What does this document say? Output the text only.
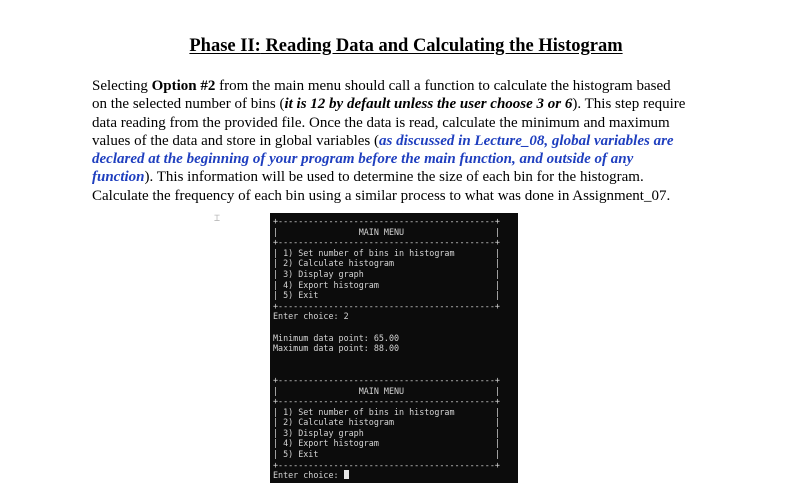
Phase II: Reading Data and Calculating the Histogram
Selecting Option #2 from the main menu should call a function to calculate the histogram based
on the selected number of bins (it is 12 by default unless the user choose 3 or 6). This step require
data reading from the provided file. Once the data is read, calculate the minimum and maximum
values of the data and store in global variables (as discussed in Lecture_08, global variables are
declared at the beginning of your program before the main function, and outside of any
function). This information will be used to determine the size of each bin for the histogram.
Calculate the frequency of each bin using a similar process to what was done in Assignment_07.
+-------------------------------------------+
|                MAIN MENU                  |
+-------------------------------------------+
| 1) Set number of bins in histogram        |
| 2) Calculate histogram                    |
| 3) Display graph                          |
| 4) Export histogram                       |
| 5) Exit                                   |
+-------------------------------------------+
Enter choice: 2
Minimum data point: 65.00
Maximum data point: 88.00
+-------------------------------------------+
|                MAIN MENU                  |
+-------------------------------------------+
| 1) Set number of bins in histogram        |
| 2) Calculate histogram                    |
| 3) Display graph                          |
| 4) Export histogram                       |
| 5) Exit                                   |
+-------------------------------------------+
Enter choice:
⌶
